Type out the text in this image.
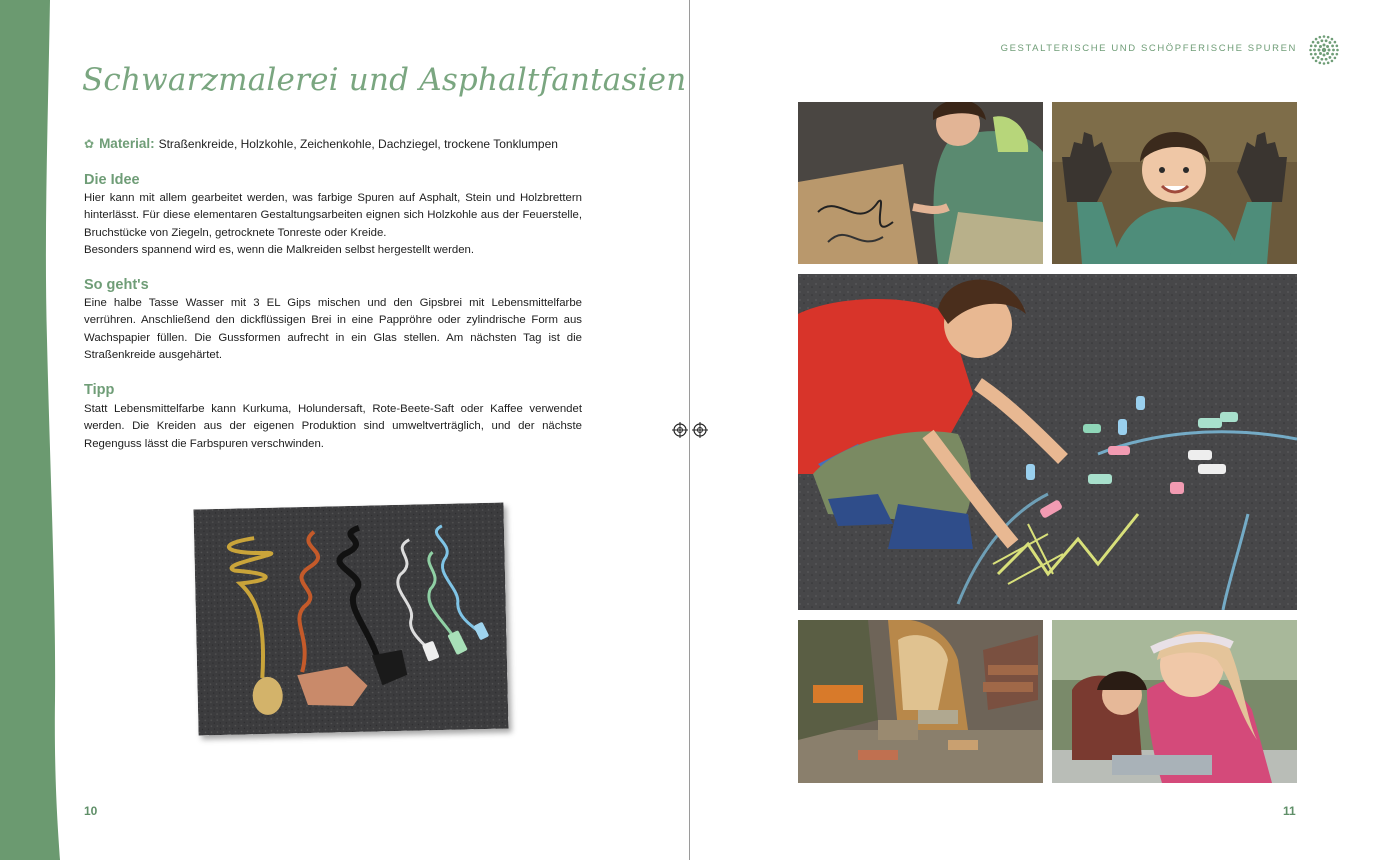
Schwarzmalerei und Asphaltfantasien
✿ Material: Straßenkreide, Holzkohle, Zeichenkohle, Dachziegel, trockene Tonklumpen
Die Idee

Hier kann mit allem gearbeitet werden, was farbige Spuren auf Asphalt, Stein und Holzbrettern hinterlässt. Für diese elementaren Gestaltungsarbeiten eignen sich Holzkohle aus der Feuerstelle, Bruchstücke von Ziegeln, getrocknete Tonreste oder Kreide.

Besonders spannend wird es, wenn die Malkreiden selbst hergestellt werden.

So geht's

Eine halbe Tasse Wasser mit 3 EL Gips mischen und den Gipsbrei mit Lebensmittelfarbe verrühren. Anschließend den dickflüssigen Brei in eine Pappröhre oder zylindrische Form aus Wachspapier füllen. Die Gussformen aufrecht in ein Glas stellen. Am nächsten Tag ist die Straßenkreide ausgehärtet.

Tipp

Statt Lebensmittelfarbe kann Kurkuma, Holundersaft, Rote-Beete-Saft oder Kaffee verwendet werden. Die Kreiden aus der eigenen Produktion sind umweltverträglich, und der nächste Regenguss lässt die Farbspuren verschwinden.

10
GESTALTERISCHE UND SCHÖPFERISCHE SPUREN
11
